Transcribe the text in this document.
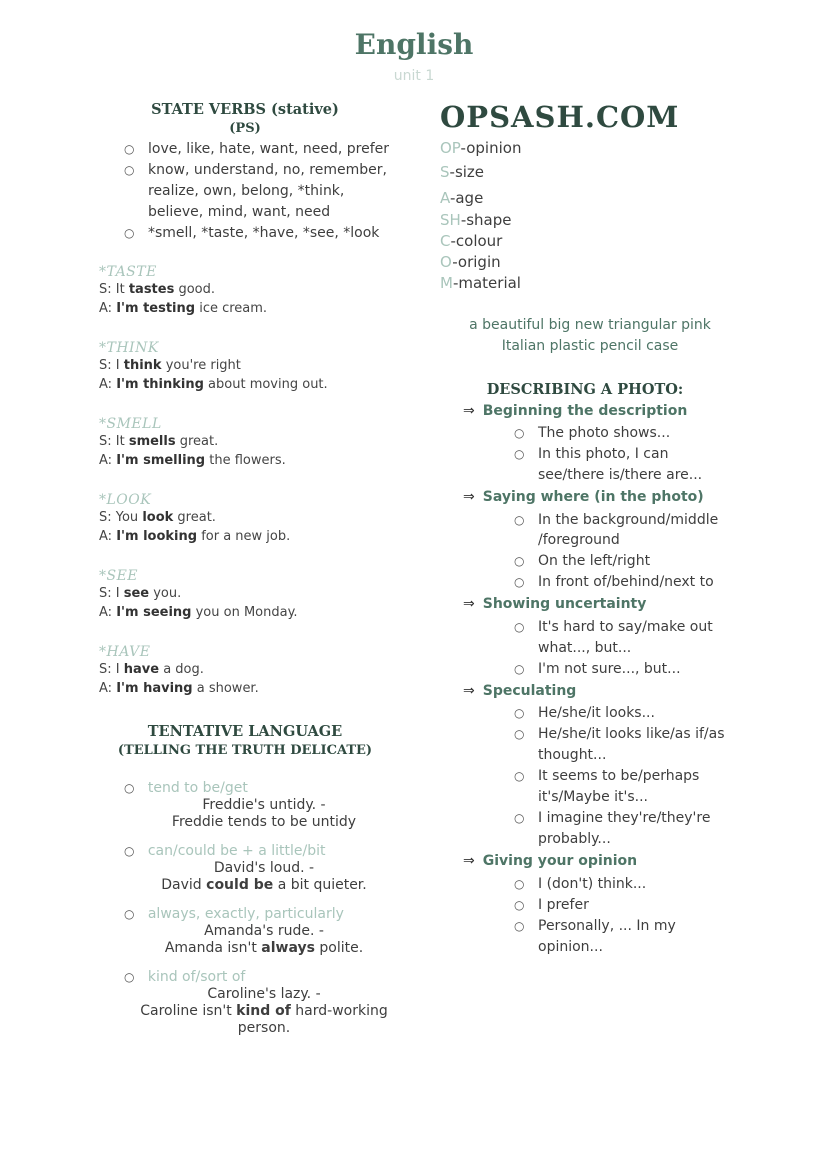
English
unit 1
STATE VERBS (stative)
(PS)
○ love, like, hate, want, need, prefer
○ know, understand, no, remember,
realize, own, belong, *think,
believe, mind, want, need
○ *smell, *taste, *have, *see, *look
*TASTE
S: It tastes good.
A: I'm testing ice cream.
*THINK
S: I think you're right
A: I'm thinking about moving out.
*SMELL
S: It smells great.
A: I'm smelling the flowers.
*LOOK
S: You look great.
A: I'm looking for a new job.
*SEE
S: I see you.
A: I'm seeing you on Monday.
*HAVE
S: I have a dog.
A: I'm having a shower.
TENTATIVE LANGUAGE
(TELLING THE TRUTH DELICATE)
○ tend to be/get
Freddie's untidy. -
Freddie tends to be untidy
○ can/could be + a little/bit
David's loud. -
David could be a bit quieter.
○ always, exactly, particularly
Amanda's rude. -
Amanda isn't always polite.
○ kind of/sort of
Caroline's lazy. -
Caroline isn't kind of hard-working
person.
OPSASH.COM
OP-opinion
S-size
A-age
SH-shape
C-colour
O-origin
M-material
a beautiful big new triangular pink
Italian plastic pencil case
DESCRIBING A PHOTO:
⇒ Beginning the description
○ The photo shows...
○ In this photo, I can
see/there is/there are...
⇒ Saying where (in the photo)
○ In the background/middle
/foreground
○ On the left/right
○ In front of/behind/next to
⇒ Showing uncertainty
○ It's hard to say/make out
what..., but...
○ I'm not sure..., but...
⇒ Speculating
○ He/she/it looks...
○ He/she/it looks like/as if/as
thought...
○ It seems to be/perhaps
it's/Maybe it's...
○ I imagine they're/they're
probably...
⇒ Giving your opinion
○ I (don't) think...
○ I prefer
○ Personally, ... In my
opinion...
